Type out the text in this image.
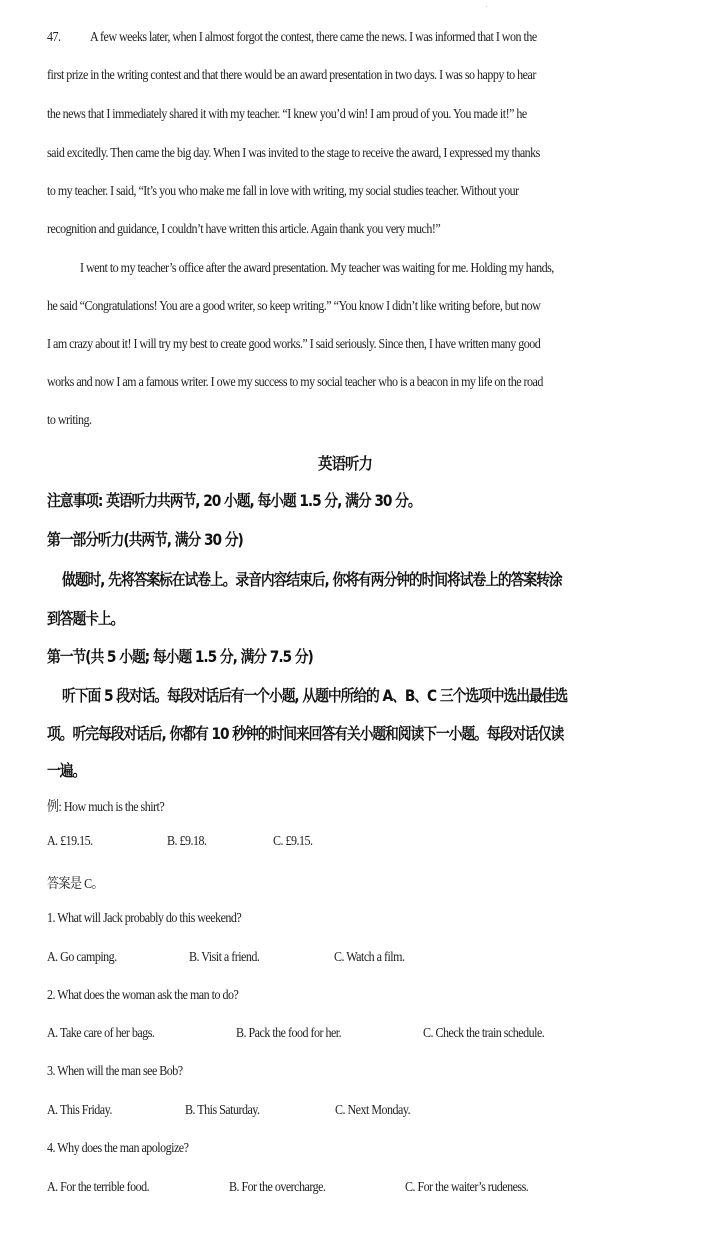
47. A few weeks later, when I almost forgot the contest, there came the news. I was informed that I won the
first prize in the writing contest and that there would be an award presentation in two days. I was so happy to hear
the news that I immediately shared it with my teacher. “I knew you’d win! I am proud of you. You made it!” he
said excitedly. Then came the big day. When I was invited to the stage to receive the award, I expressed my thanks
to my teacher. I said, “It’s you who make me fall in love with writing, my social studies teacher. Without your
recognition and guidance, I couldn’t have written this article. Again thank you very much!”
I went to my teacher’s office after the award presentation. My teacher was waiting for me. Holding my hands,
he said “Congratulations! You are a good writer, so keep writing.” “You know I didn’t like writing before, but now
I am crazy about it! I will try my best to create good works.” I said seriously. Since then, I have written many good
works and now I am a famous writer. I owe my success to my social teacher who is a beacon in my life on the road
to writing.
英语听力
注意事项: 英语听力共两节, 20 小题, 每小题 1.5 分, 满分 30 分。
第一部分听力(共两节, 满分 30 分)
做题时, 先将答案标在试卷上。录音内容结束后, 你将有两分钟的时间将试卷上的答案转涂
到答题卡上。
第一节(共 5 小题; 每小题 1.5 分, 满分 7.5 分)
听下面 5 段对话。每段对话后有一个小题, 从题中所给的 A、B、C 三个选项中选出最佳选
项。听完每段对话后, 你都有 10 秒钟的时间来回答有关小题和阅读下一小题。每段对话仅读
一遍。
例: How much is the shirt?
A. £19.15.	B. £9.18.	C. £9.15.
答案是 C。
1. What will Jack probably do this weekend?
A. Go camping.	B. Visit a friend.	C. Watch a film.
2. What does the woman ask the man to do?
A. Take care of her bags.	B. Pack the food for her.	C. Check the train schedule.
3. When will the man see Bob?
A. This Friday.	B. This Saturday.	C. Next Monday.
4. Why does the man apologize?
A. For the terrible food.	B. For the overcharge.	C. For the waiter’s rudeness.
